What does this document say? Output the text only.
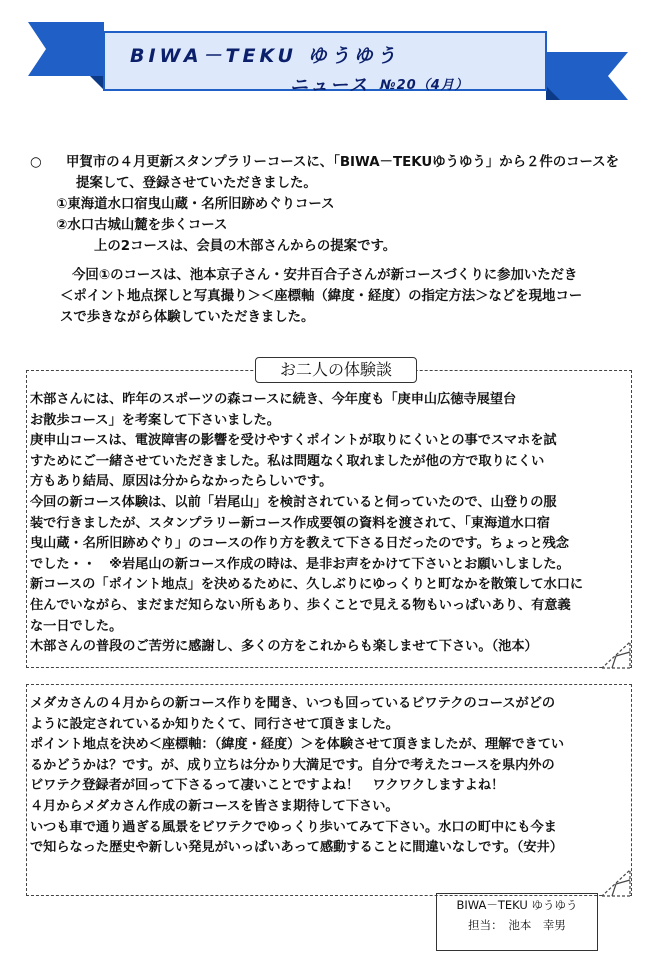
BIWA－TEKU ゆうゆう
ニュース №20（4月）
○	甲賀市の４月更新スタンプラリーコースに、「BIWA－TEKUゆうゆう」から２件のコースを

提案して、登録させていただきました。

①東海道水口宿曳山蔵・名所旧跡めぐりコース

②水口古城山麓を歩くコース

上の2コースは、会員の木部さんからの提案です。

今回①のコースは、池本京子さん・安井百合子さんが新コースづくりに参加いただき

＜ポイント地点探しと写真撮り＞＜座標軸（緯度・経度）の指定方法＞などを現地コー

スで歩きながら体験していただきました。

お二人の体験談

木部さんには、昨年のスポーツの森コースに続き、今年度も「庚申山広徳寺展望台

お散歩コース」を考案して下さいました。

庚申山コースは、電波障害の影響を受けやすくポイントが取りにくいとの事でスマホを試

すためにご一緒させていただきました。私は問題なく取れましたが他の方で取りにくい

方もあり結局、原因は分からなかったらしいです。

今回の新コース体験は、以前「岩尾山」を検討されていると伺っていたので、山登りの服

装で行きましたが、スタンプラリー新コース作成要領の資料を渡されて、「東海道水口宿

曳山蔵・名所旧跡めぐり」のコースの作り方を教えて下さる日だったのです。ちょっと残念

でした・・　※岩尾山の新コース作成の時は、是非お声をかけて下さいとお願いしました。

新コースの「ポイント地点」を決めるために、久しぶりにゆっくりと町なかを散策して水口に

住んでいながら、まだまだ知らない所もあり、歩くことで見える物もいっぱいあり、有意義

な一日でした。

木部さんの普段のご苦労に感謝し、多くの方をこれからも楽しませて下さい。（池本）

メダカさんの４月からの新コース作りを聞き、いつも回っているビワテクのコースがどの

ように設定されているか知りたくて、同行させて頂きました。

ポイント地点を決め＜座標軸：（緯度・経度）＞を体験させて頂きましたが、理解できてい

るかどうかは？です。が、成り立ちは分かり大満足です。自分で考えたコースを県内外の

ビワテク登録者が回って下さるって凄いことですよね！　ワクワクしますよね！

４月からメダカさん作成の新コースを皆さま期待して下さい。

いつも車で通り過ぎる風景をビワテクでゆっくり歩いてみて下さい。水口の町中にも今ま

で知らなった歴史や新しい発見がいっぱいあって感動することに間違いなしです。（安井）

BIWA－TEKU ゆうゆう
担当：　池本　幸男
